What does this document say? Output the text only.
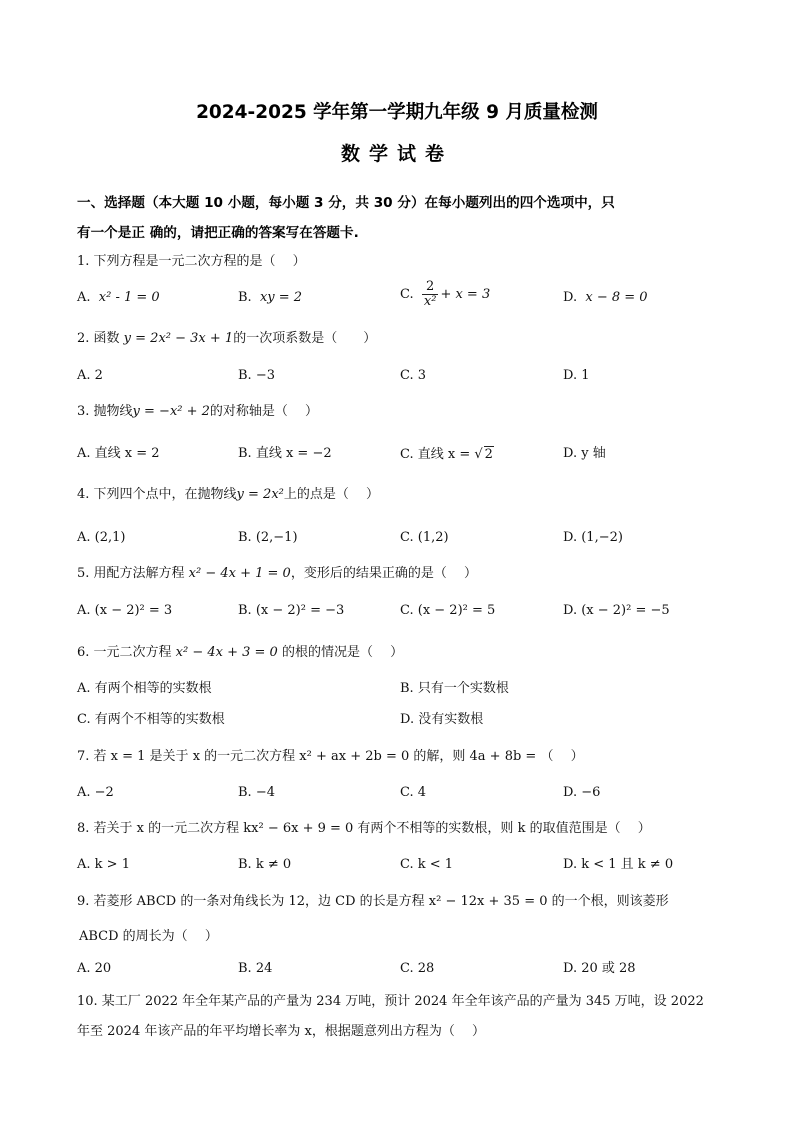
2024-2025 学年第一学期九年级 9 月质量检测
数学试卷
一、选择题（本大题 10 小题，每小题 3 分，共 30 分）在每小题列出的四个选项中，只
有一个是正 确的，请把正确的答案写在答题卡.
1. 下列方程是一元二次方程的是（　 ）
A. x² - 1 = 0	B. xy = 2	C. $\frac{2}{\text{x²}} + x = 3$	D. x − 8 = 0
2. 函数 y = 2x² − 3x + 1的一次项系数是（　　）
A. 2	B. −3	C. 3	D. 1
3. 抛物线y = −x² + 2的对称轴是（　 ）
A. 直线 x = 2	B. 直线 x = −2	C. 直线 x = √ 2	D. y 轴
4. 下列四个点中，在抛物线y = 2x²上的点是（　 ）
A. (2,1)	B. (2,−1)	C. (1,2)	D. (1,−2)
5. 用配方法解方程 x² − 4x + 1 = 0，变形后的结果正确的是（　 ）
A. (x − 2)² = 3	B. (x − 2)² = −3	C. (x − 2)² = 5	D. (x − 2)² = −5
6. 一元二次方程 x² − 4x + 3 = 0 的根的情况是（　 ）
A. 有两个相等的实数根	B. 只有一个实数根
C. 有两个不相等的实数根	D. 没有实数根
7. 若 x = 1 是关于 x 的一元二次方程 x² + ax + 2b = 0 的解，则 4a + 8b = （　 ）
A. −2	B. −4	C. 4	D. −6
8. 若关于 x 的一元二次方程 kx² − 6x + 9 = 0 有两个不相等的实数根，则 k 的取值范围是（　 ）
A. k > 1	B. k ≠ 0	C. k < 1	D. k < 1 且 k ≠ 0
9. 若菱形 ABCD 的一条对角线长为 12，边 CD 的长是方程 x² − 12x + 35 = 0 的一个根，则该菱形
ABCD 的周长为（　 ）
A. 20	B. 24	C. 28	D. 20 或 28
10. 某工厂 2022 年全年某产品的产量为 234 万吨，预计 2024 年全年该产品的产量为 345 万吨，设 2022
年至 2024 年该产品的年平均增长率为 x，根据题意列出方程为（　 ）
